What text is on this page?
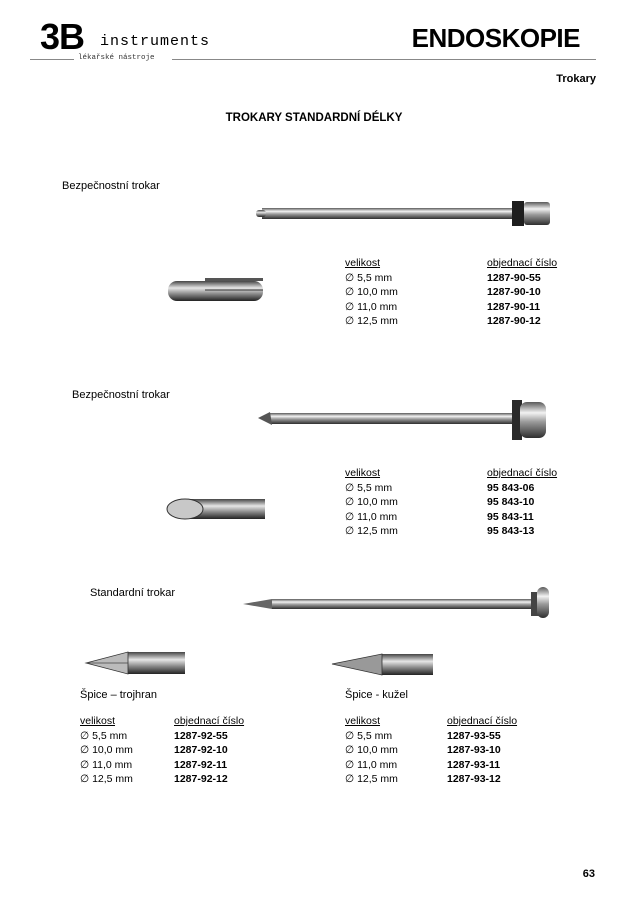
3B instruments
lékařské nástroje
ENDOSKOPIE
Trokary
TROKARY STANDARDNÍ DÉLKY
Bezpečnostní trokar
Bezpečnostní trokar
Standardní trokar
Špice – trojhran	Špice - kužel
velikost	objednací číslo
∅ 5,5 mm	1287-90-55
∅ 10,0 mm	1287-90-10
∅ 11,0 mm	1287-90-11
∅ 12,5 mm	1287-90-12
velikost	objednací číslo
∅ 5,5 mm	95 843-06
∅ 10,0 mm	95 843-10
∅ 11,0 mm	95 843-11
∅ 12,5 mm	95 843-13
velikost	objednací číslo
∅ 5,5 mm	1287-92-55
∅ 10,0 mm	1287-92-10
∅ 11,0 mm	1287-92-11
∅ 12,5 mm	1287-92-12
velikost	objednací číslo
∅ 5,5 mm	1287-93-55
∅ 10,0 mm	1287-93-10
∅ 11,0 mm	1287-93-11
∅ 12,5 mm	1287-93-12
63
